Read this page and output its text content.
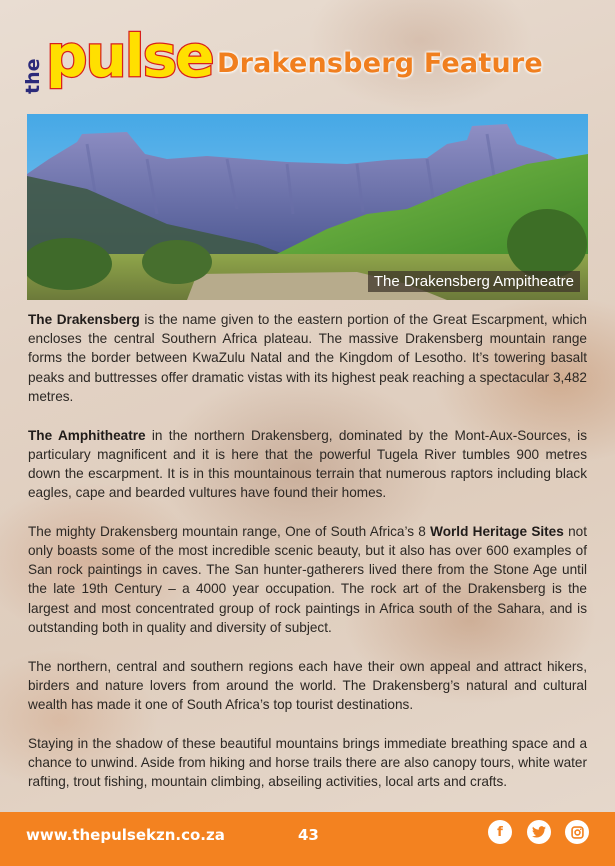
the pulse Drakensberg Feature
The Drakensberg Ampitheatre

The Drakensberg is the name given to the eastern portion of the Great Escarpment, which encloses the central Southern Africa plateau. The massive Drakensberg mountain range forms the border between KwaZulu Natal and the Kingdom of Lesotho. It’s towering basalt peaks and buttresses offer dramatic vistas with its highest peak reaching a spectacular 3,482 metres.

The Amphitheatre in the northern Drakensberg, dominated by the Mont-Aux-Sources, is particulary magnificent and it is here that the powerful Tugela River tumbles 900 metres down the escarpment. It is in this mountainous terrain that numerous raptors including black eagles, cape and bearded vultures have found their homes.

The mighty Drakensberg mountain range, One of South Africa’s 8 World Heritage Sites not only boasts some of the most incredible scenic beauty, but it also has over 600 examples of San rock paintings in caves. The San hunter-gatherers lived there from the Stone Age until the late 19th Century – a 4000 year occupation. The rock art of the Drakensberg is the largest and most concentrated group of rock paintings in Africa south of the Sahara, and is outstanding both in quality and diversity of subject.

The northern, central and southern regions each have their own appeal and attract hikers, birders and nature lovers from around the world. The Drakensberg’s natural and cultural wealth has made it one of South Africa’s top tourist destinations.

Staying in the shadow of these beautiful mountains brings immediate breathing space and a chance to unwind. Aside from hiking and horse trails there are also canopy tours, white water rafting, trout fishing, mountain climbing, abseiling activities, local arts and crafts.

www.thepulsekzn.co.za	43	f
